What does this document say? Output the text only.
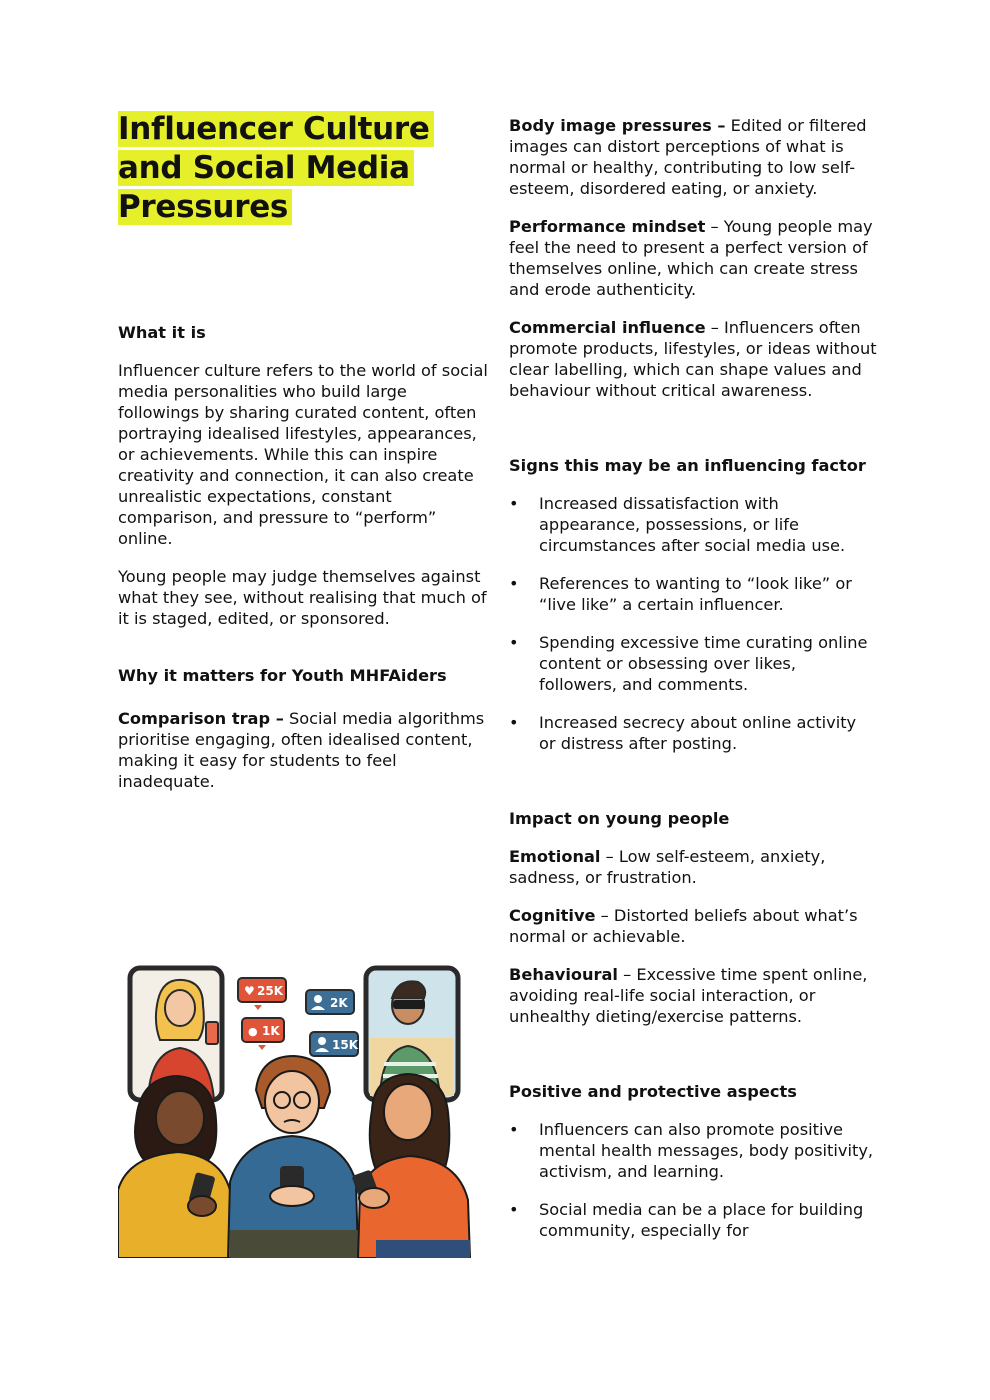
Influencer Culture and Social Media Pressures
What it is

Influencer culture refers to the world of social media personalities who build large followings by sharing curated content, often portraying idealised lifestyles, appearances, or achievements. While this can inspire creativity and connection, it can also create unrealistic expectations, constant comparison, and pressure to “perform” online.

Young people may judge themselves against what they see, without realising that much of it is staged, edited, or sponsored.

Why it matters for Youth MHFAiders

Comparison trap – Social media algorithms prioritise engaging, often idealised content, making it easy for students to feel inadequate.

Body image pressures – Edited or filtered images can distort perceptions of what is normal or healthy, contributing to low self-esteem, disordered eating, or anxiety.

Performance mindset – Young people may feel the need to present a perfect version of themselves online, which can create stress and erode authenticity.

Commercial influence – Influencers often promote products, lifestyles, or ideas without clear labelling, which can shape values and behaviour without critical awareness.

Signs this may be an influencing factor
• Increased dissatisfaction with appearance, possessions, or life circumstances after social media use.
• References to wanting to “look like” or “live like” a certain influencer.
• Spending excessive time curating online content or obsessing over likes, followers, and comments.
• Increased secrecy about online activity or distress after posting.
Impact on young people

Emotional – Low self-esteem, anxiety, sadness, or frustration.

Cognitive – Distorted beliefs about what’s normal or achievable.

Behavioural – Excessive time spent online, avoiding real-life social interaction, or unhealthy dieting/exercise patterns.

Positive and protective aspects
• Influencers can also promote positive mental health messages, body positivity, activism, and learning.
• Social media can be a place for building community, especially for
♥ 25K
● 1K
2K
15K
